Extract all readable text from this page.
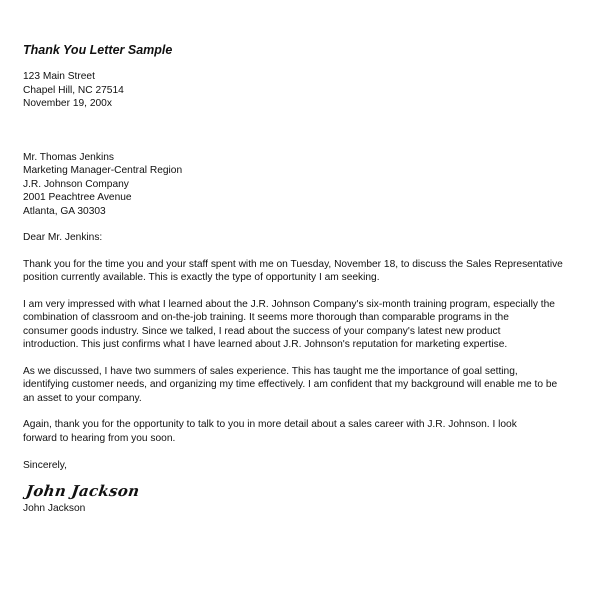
Thank You Letter Sample
123 Main Street
Chapel Hill, NC 27514
November 19, 200x
Mr. Thomas Jenkins
Marketing Manager-Central Region
J.R. Johnson Company
2001 Peachtree Avenue
Atlanta, GA 30303
Dear Mr. Jenkins:
Thank you for the time you and your staff spent with me on Tuesday, November 18, to discuss the Sales Representative
position currently available. This is exactly the type of opportunity I am seeking.
I am very impressed with what I learned about the J.R. Johnson Company's six-month training program, especially the
combination of classroom and on-the-job training. It seems more thorough than comparable programs in the
consumer goods industry. Since we talked, I read about the success of your company's latest new product
introduction. This just confirms what I have learned about J.R. Johnson's reputation for marketing expertise.
As we discussed, I have two summers of sales experience. This has taught me the importance of goal setting,
identifying customer needs, and organizing my time effectively. I am confident that my background will enable me to be
an asset to your company.
Again, thank you for the opportunity to talk to you in more detail about a sales career with J.R. Johnson. I look
forward to hearing from you soon.
Sincerely,
John Jackson
John Jackson
